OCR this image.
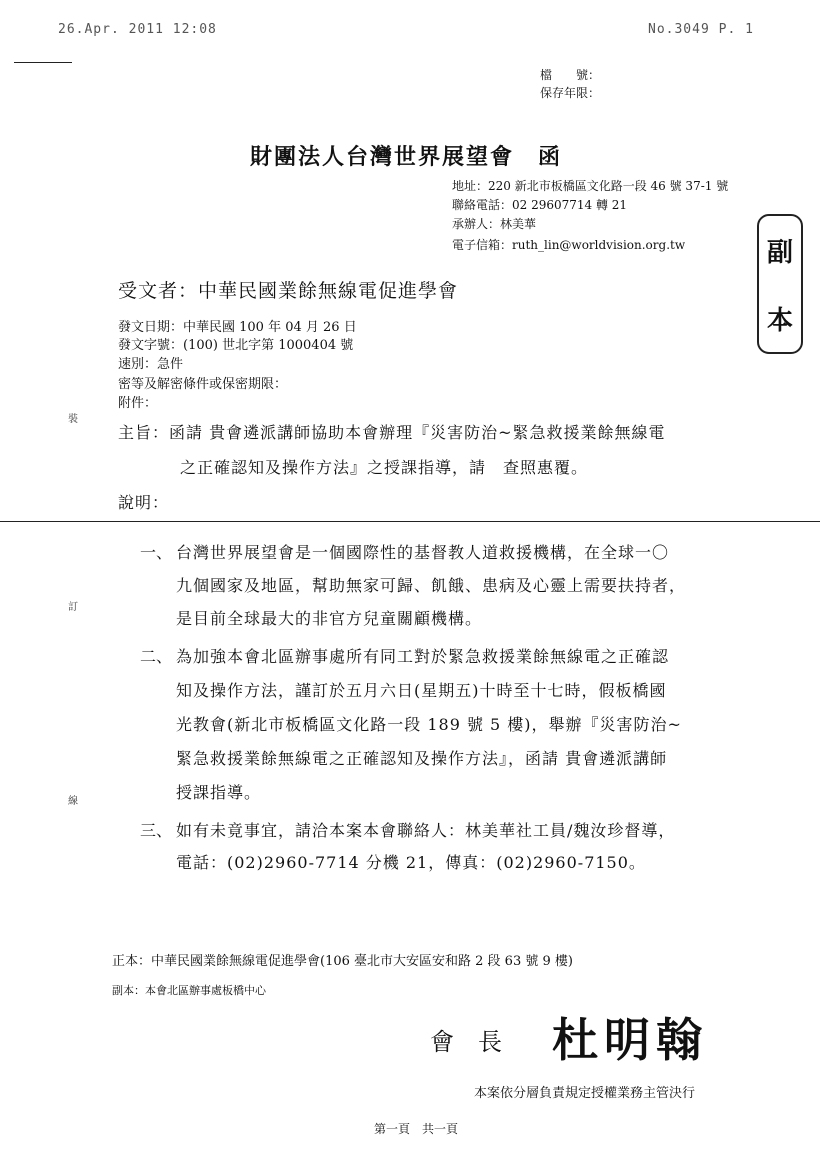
26.Apr. 2011 12:08	No.3049 P. 1
檔　　號：
保存年限：
財團法人台灣世界展望會　函
地址：220 新北市板橋區文化路一段 46 號 37-1 號
聯絡電話：02 29607714 轉 21
承辦人：林美華
電子信箱：ruth_lin@worldvision.org.tw	副
本
受文者：中華民國業餘無線電促進學會
發文日期：中華民國 100 年 04 月 26 日
發文字號：(100) 世北字第 1000404 號
速別：急件
密等及解密條件或保密期限：
附件：
主旨：函請 貴會遴派講師協助本會辦理『災害防治~緊急救援業餘無線電
之正確認知及操作方法』之授課指導，請　查照惠覆。
說明：
裝
訂
線
一、 台灣世界展望會是一個國際性的基督教人道救援機構，在全球一〇
九個國家及地區，幫助無家可歸、飢餓、患病及心靈上需要扶持者，
是目前全球最大的非官方兒童關顧機構。
二、 為加強本會北區辦事處所有同工對於緊急救援業餘無線電之正確認
知及操作方法，謹訂於五月六日(星期五)十時至十七時，假板橋國
光教會(新北市板橋區文化路一段 189 號 5 樓)，舉辦『災害防治~
緊急救援業餘無線電之正確認知及操作方法』，函請 貴會遴派講師
授課指導。
三、 如有未竟事宜，請洽本案本會聯絡人：林美華社工員/魏汝珍督導，
電話：(02)2960-7714 分機 21，傳真：(02)2960-7150。
正本：中華民國業餘無線電促進學會(106 臺北市大安區安和路 2 段 63 號 9 樓)
副本：本會北區辦事處板橋中心
會　長 杜明翰
本案依分層負責規定授權業務主管決行
第一頁　共一頁
